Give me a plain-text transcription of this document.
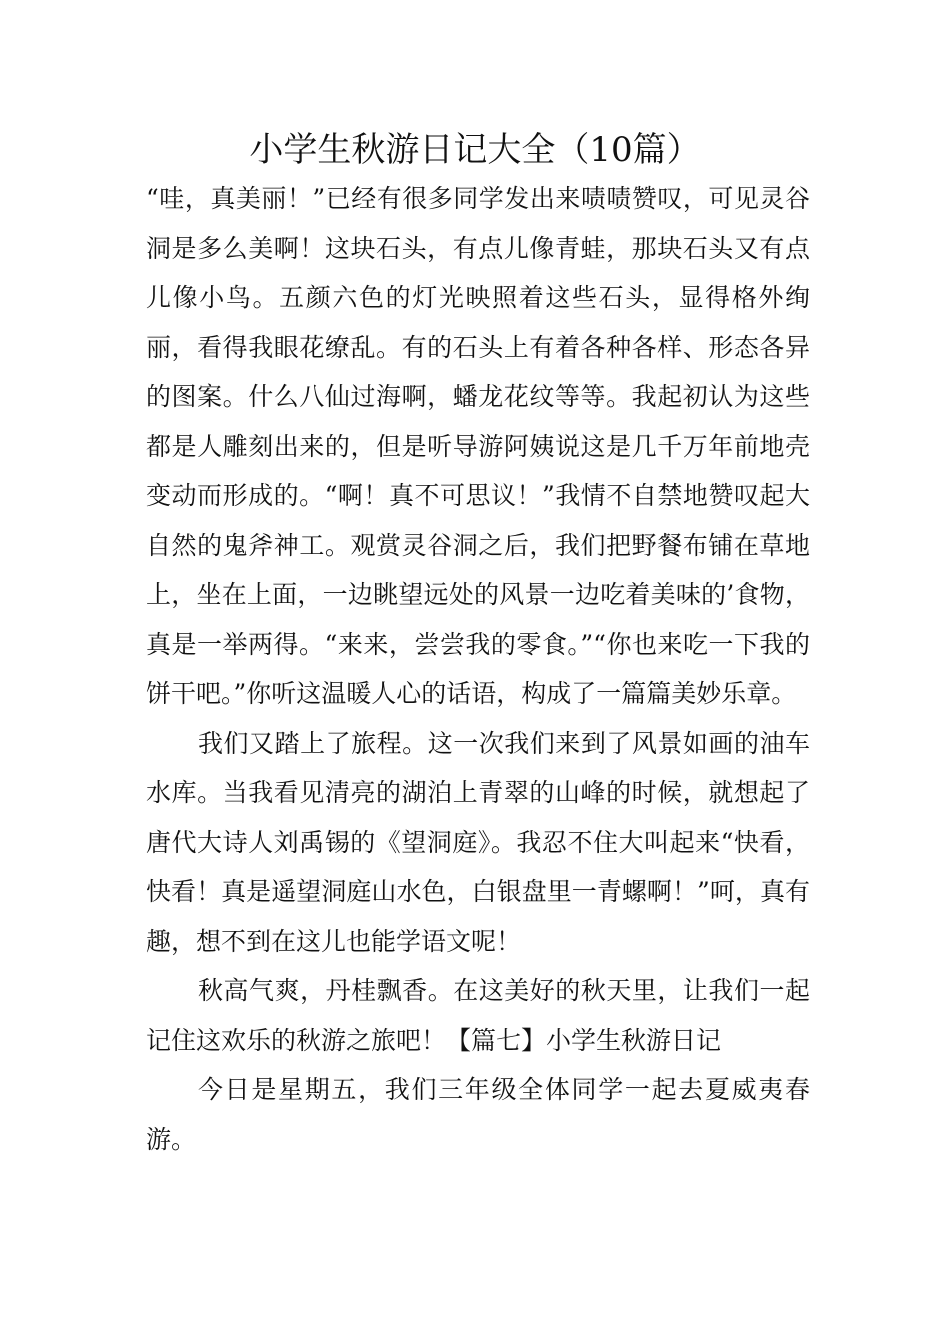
小学生秋游日记大全（10篇）

“哇，真美丽！”已经有很多同学发出来啧啧赞叹，可见灵谷洞是多么美啊！这块石头，有点儿像青蛙，那块石头又有点儿像小鸟。五颜六色的灯光映照着这些石头，显得格外绚丽，看得我眼花缭乱。有的石头上有着各种各样、形态各异的图案。什么八仙过海啊，蟠龙花纹等等。我起初认为这些都是人雕刻出来的，但是听导游阿姨说这是几千万年前地壳变动而形成的。“啊！真不可思议！”我情不自禁地赞叹起大自然的鬼斧神工。观赏灵谷洞之后，我们把野餐布铺在草地上，坐在上面，一边眺望远处的风景一边吃着美味的’食物，真是一举两得。“来来，尝尝我的零食。”“你也来吃一下我的饼干吧。”你听这温暖人心的话语，构成了一篇篇美妙乐章。

我们又踏上了旅程。这一次我们来到了风景如画的油车水库。当我看见清亮的湖泊上青翠的山峰的时候，就想起了唐代大诗人刘禹锡的《望洞庭》。我忍不住大叫起来“快看，快看！真是遥望洞庭山水色，白银盘里一青螺啊！”呵，真有趣，想不到在这儿也能学语文呢！

秋高气爽，丹桂飘香。在这美好的秋天里，让我们一起记住这欢乐的秋游之旅吧！【篇七】小学生秋游日记

今日是星期五，我们三年级全体同学一起去夏威夷春游。
